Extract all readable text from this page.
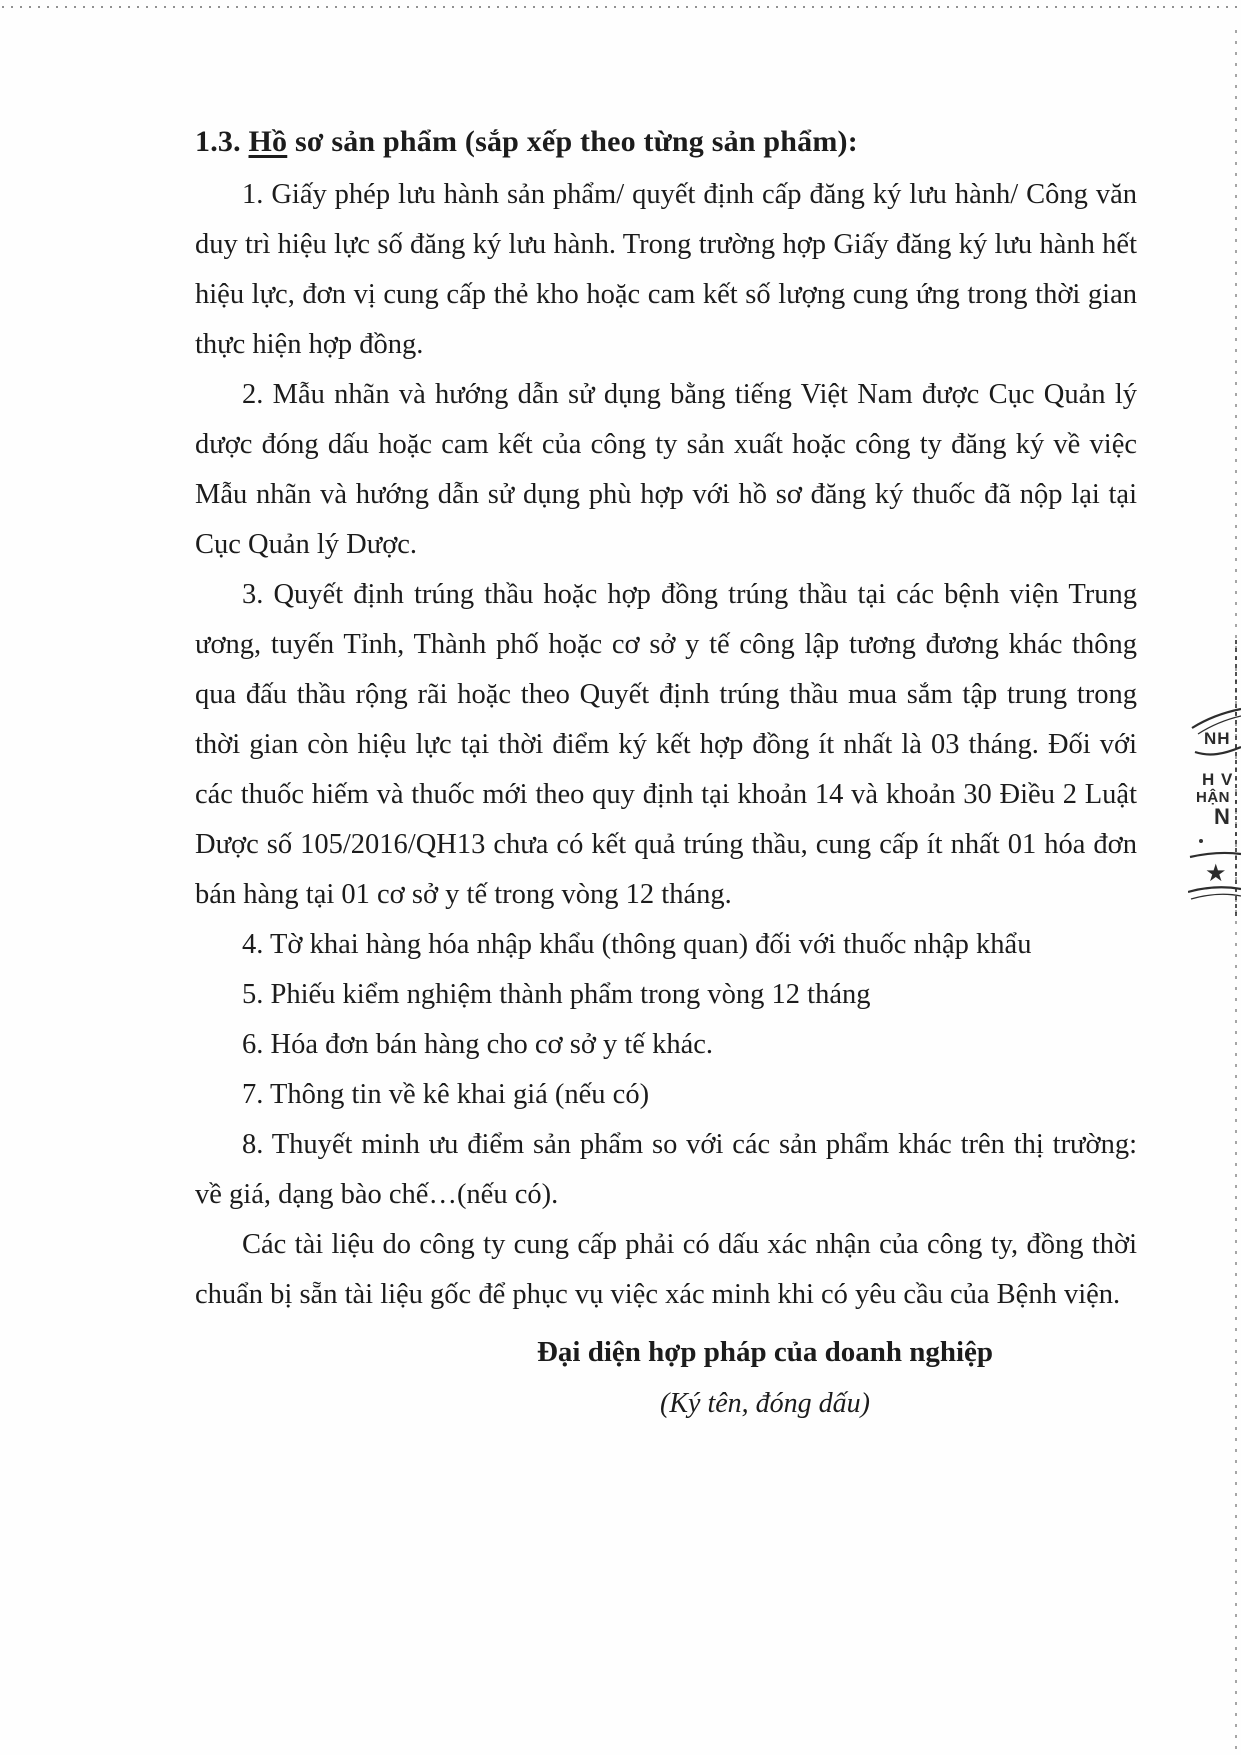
1.3. Hồ sơ sản phẩm (sắp xếp theo từng sản phẩm):

1. Giấy phép lưu hành sản phẩm/ quyết định cấp đăng ký lưu hành/ Công văn duy trì hiệu lực số đăng ký lưu hành. Trong trường hợp Giấy đăng ký lưu hành hết hiệu lực, đơn vị cung cấp thẻ kho hoặc cam kết số lượng cung ứng trong thời gian thực hiện hợp đồng.

2. Mẫu nhãn và hướng dẫn sử dụng bằng tiếng Việt Nam được Cục Quản lý dược đóng dấu hoặc cam kết của công ty sản xuất hoặc công ty đăng ký về việc Mẫu nhãn và hướng dẫn sử dụng phù hợp với hồ sơ đăng ký thuốc đã nộp lại tại Cục Quản lý Dược.

3. Quyết định trúng thầu hoặc hợp đồng trúng thầu tại các bệnh viện Trung ương, tuyến Tỉnh, Thành phố hoặc cơ sở y tế công lập tương đương khác thông qua đấu thầu rộng rãi hoặc theo Quyết định trúng thầu mua sắm tập trung trong thời gian còn hiệu lực tại thời điểm ký kết hợp đồng ít nhất là 03 tháng. Đối với các thuốc hiếm và thuốc mới theo quy định tại khoản 14 và khoản 30 Điều 2 Luật Dược số 105/2016/QH13 chưa có kết quả trúng thầu, cung cấp ít nhất 01 hóa đơn bán hàng tại 01 cơ sở y tế trong vòng 12 tháng.

4. Tờ khai hàng hóa nhập khẩu (thông quan) đối với thuốc nhập khẩu

5. Phiếu kiểm nghiệm thành phẩm trong vòng 12 tháng

6. Hóa đơn bán hàng cho cơ sở y tế khác.

7. Thông tin về kê khai giá (nếu có)

8. Thuyết minh ưu điểm sản phẩm so với các sản phẩm khác trên thị trường: về giá, dạng bào chế…(nếu có).

Các tài liệu do công ty cung cấp phải có dấu xác nhận của công ty, đồng thời chuẩn bị sẵn tài liệu gốc để phục vụ việc xác minh khi có yêu cầu của Bệnh viện.

Đại diện hợp pháp của doanh nghiệp
(Ký tên, đóng dấu)
NH
H V
HẬN
N
★
